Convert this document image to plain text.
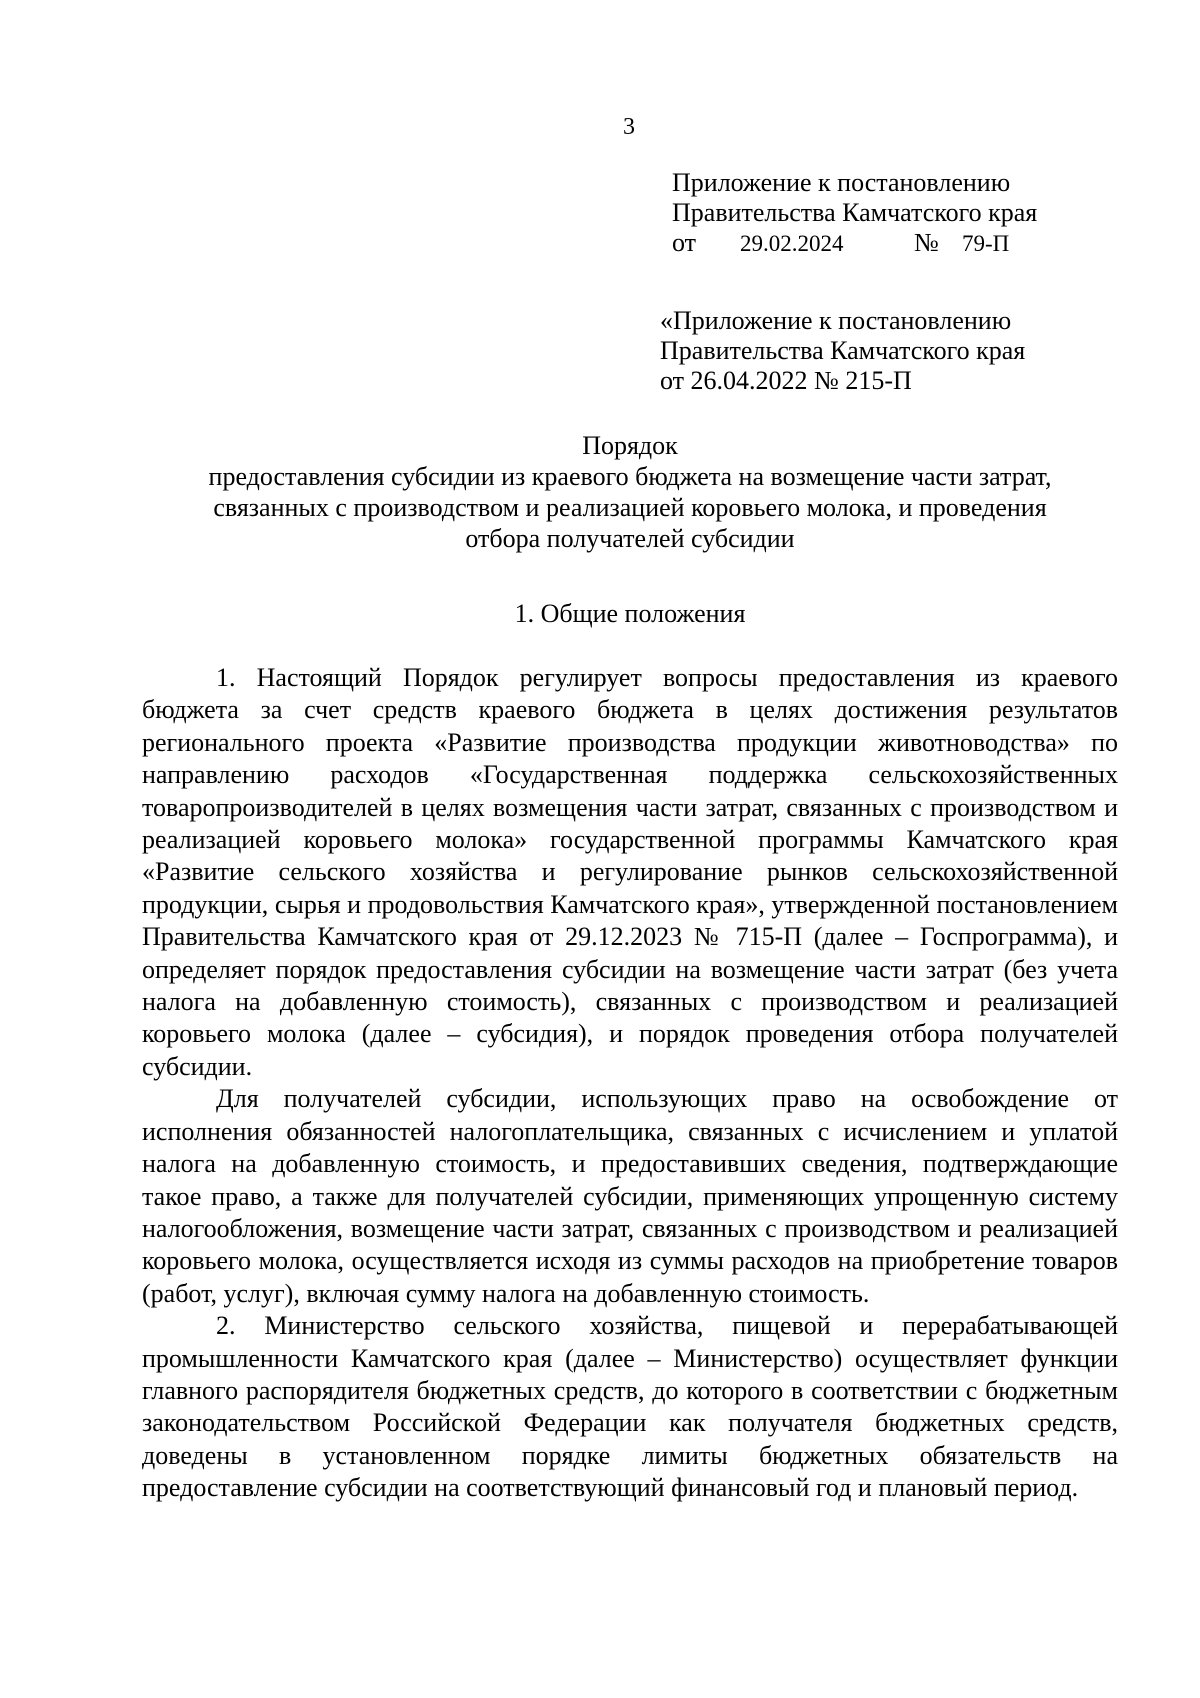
3
Приложение к постановлению
Правительства Камчатского края
от 29.02.2024	№ 79-П
«Приложение к постановлению
Правительства Камчатского края
от 26.04.2022 № 215-П
Порядок
предоставления субсидии из краевого бюджета на возмещение части затрат,
связанных с производством и реализацией коровьего молока, и проведения
отбора получателей субсидии
1. Общие положения

1. Настоящий Порядок регулирует вопросы предоставления из краевого бюджета за счет средств краевого бюджета в целях достижения результатов регионального проекта «Развитие производства продукции животноводства» по направлению расходов «Государственная поддержка сельскохозяйственных товаропроизводителей в целях возмещения части затрат, связанных с производством и реализацией коровьего молока» государственной программы Камчатского края «Развитие сельского хозяйства и регулирование рынков сельскохозяйственной продукции, сырья и продовольствия Камчатского края», утвержденной постановлением Правительства Камчатского края от 29.12.2023 № 715-П (далее – Госпрограмма), и определяет порядок предоставления субсидии на возмещение части затрат (без учета налога на добавленную стоимость), связанных с производством и реализацией коровьего молока (далее – субсидия), и порядок проведения отбора получателей субсидии.

Для получателей субсидии, использующих право на освобождение от исполнения обязанностей налогоплательщика, связанных с исчислением и уплатой налога на добавленную стоимость, и предоставивших сведения, подтверждающие такое право, а также для получателей субсидии, применяющих упрощенную систему налогообложения, возмещение части затрат, связанных с производством и реализацией коровьего молока, осуществляется исходя из суммы расходов на приобретение товаров (работ, услуг), включая сумму налога на добавленную стоимость.

2. Министерство сельского хозяйства, пищевой и перерабатывающей промышленности Камчатского края (далее – Министерство) осуществляет функции главного распорядителя бюджетных средств, до которого в соответствии с бюджетным законодательством Российской Федерации как получателя бюджетных средств, доведены в установленном порядке лимиты бюджетных обязательств на предоставление субсидии на соответствующий финансовый год и плановый период.
